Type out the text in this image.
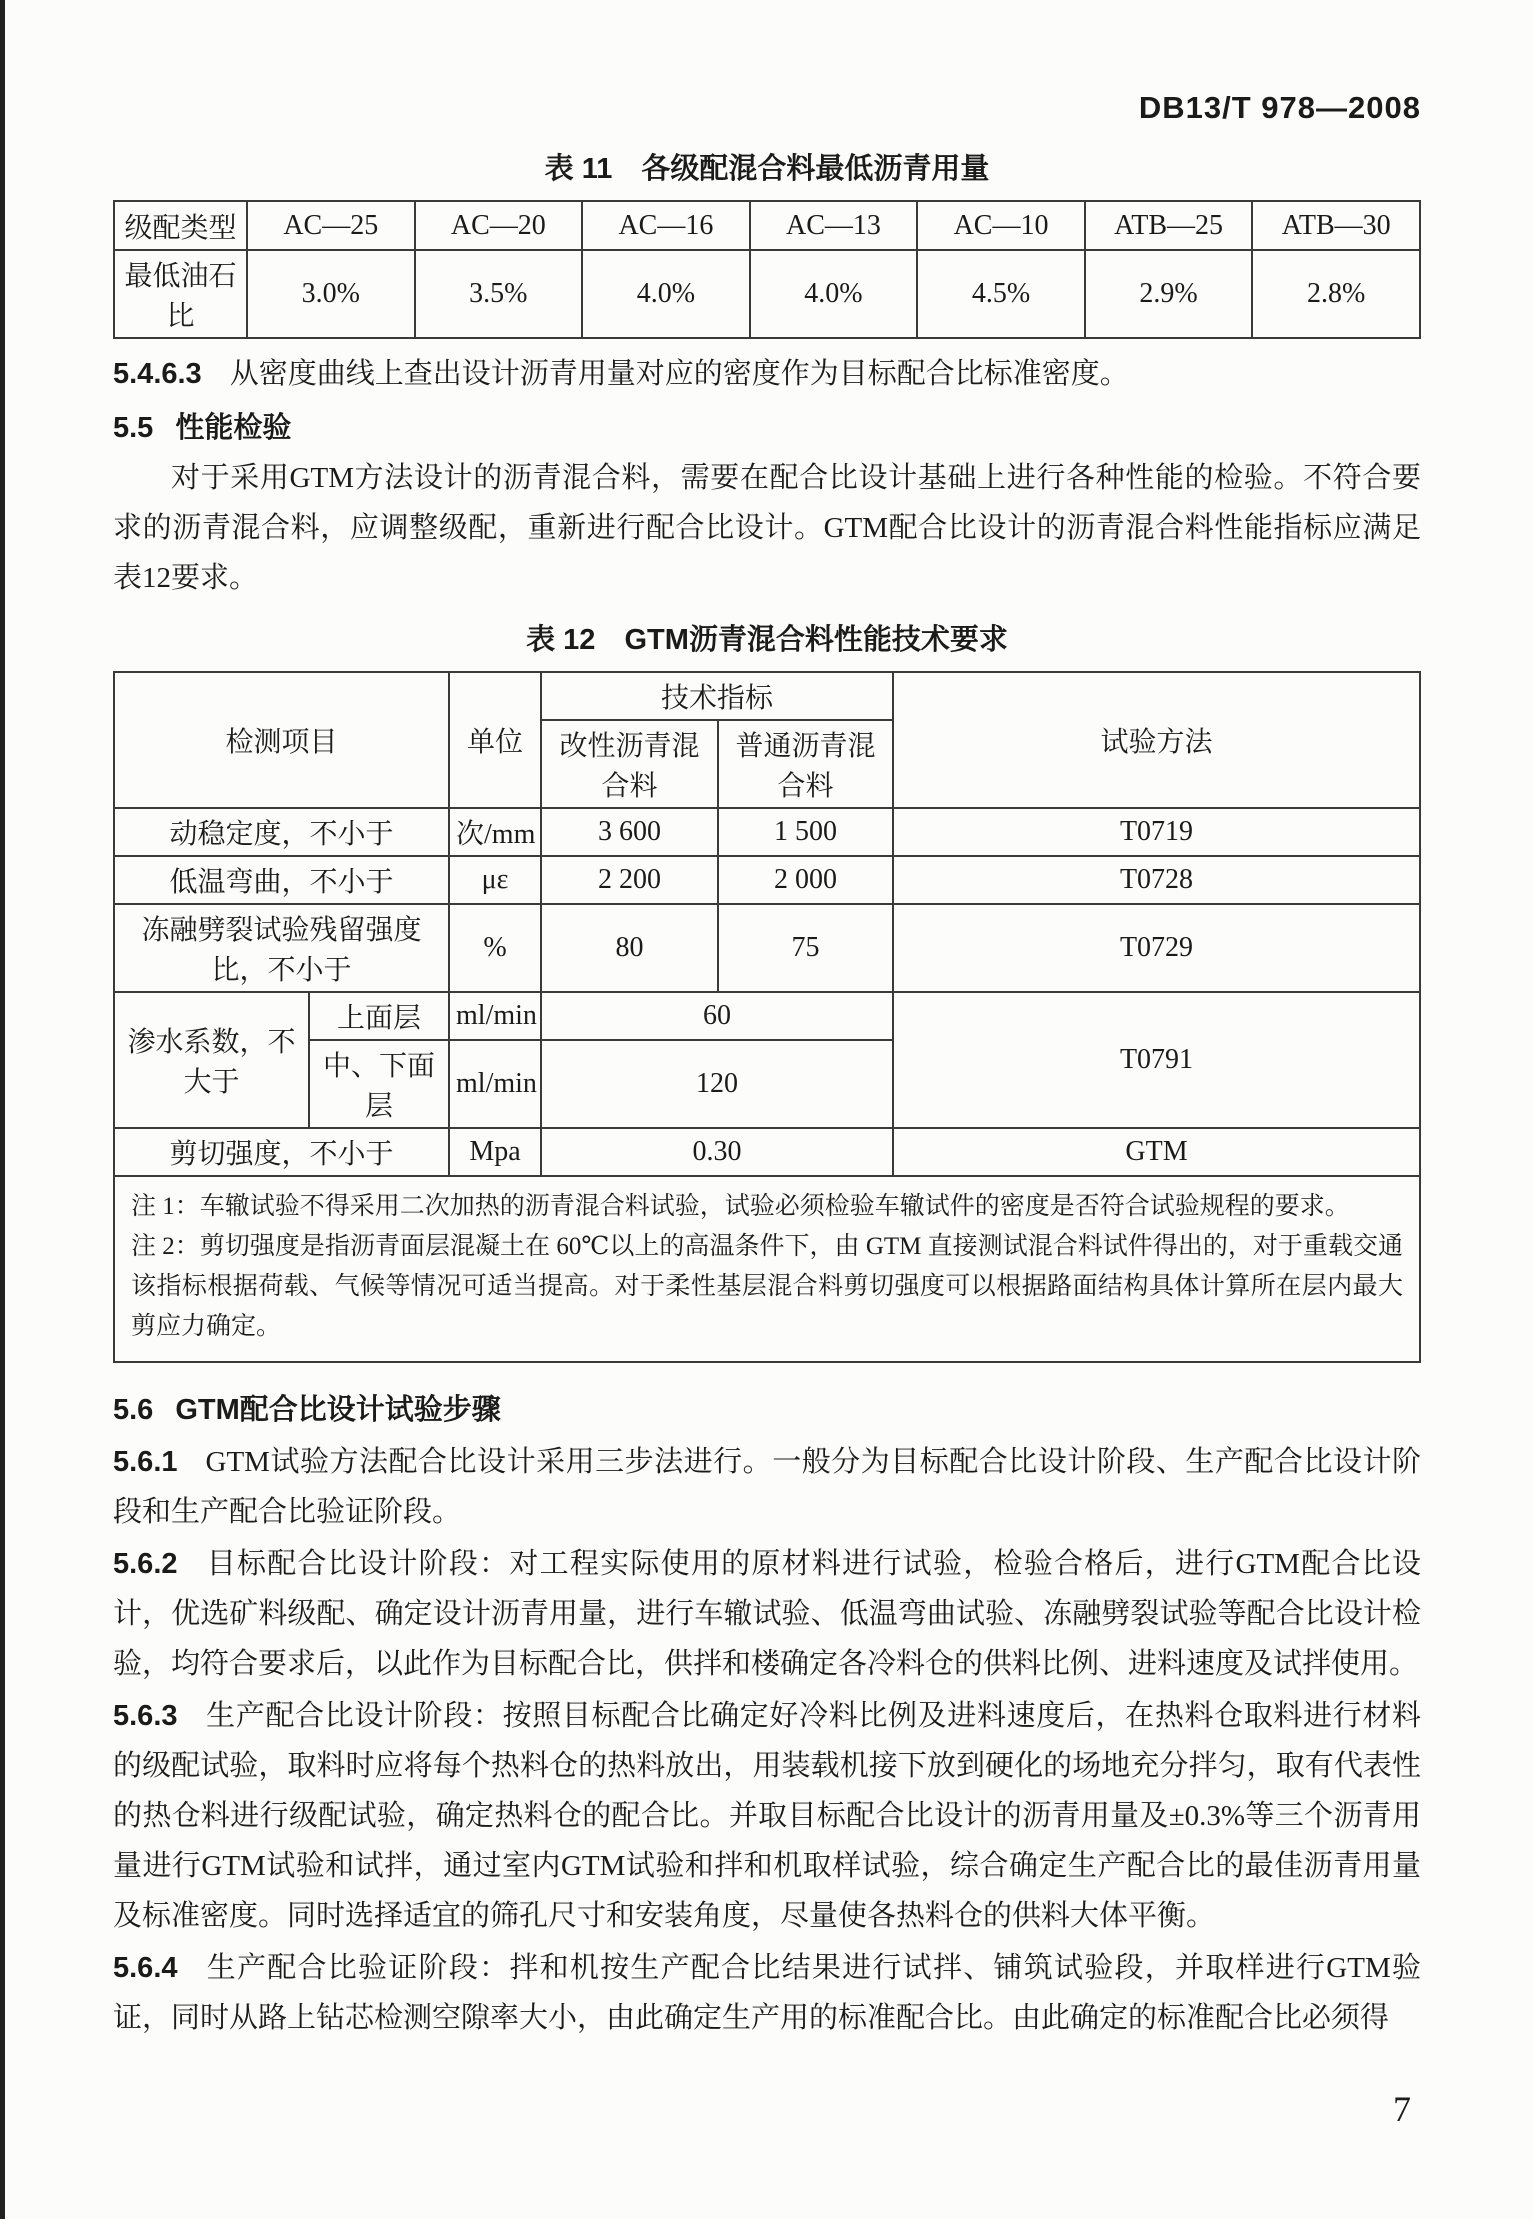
DB13/T 978—2008
表 11　各级配混合料最低沥青用量
级配类型	AC—25	AC—20	AC—16	AC—13	AC—10	ATB—25	ATB—30
最低油石比	3.0%	3.5%	4.0%	4.0%	4.5%	2.9%	2.8%

5.4.6.3 从密度曲线上查出设计沥青用量对应的密度作为目标配合比标准密度。

5.5 性能检验

对于采用GTM方法设计的沥青混合料，需要在配合比设计基础上进行各种性能的检验。不符合要求的沥青混合料，应调整级配，重新进行配合比设计。GTM配合比设计的沥青混合料性能指标应满足表12要求。

表 12　GTM沥青混合料性能技术要求
检测项目		单位	技术指标		试验方法
			改性沥青混合料	普通沥青混合料	
动稳定度，不小于		次/mm	3 600	1 500	T0719
低温弯曲，不小于		με	2 200	2 000	T0728
冻融劈裂试验残留强度比，不小于		%	80	75	T0729
渗水系数，不大于	上面层	ml/min	60		T0791
	中、下面层	ml/min	120		
剪切强度，不小于		Mpa	0.30		GTM

注 1：车辙试验不得采用二次加热的沥青混合料试验，试验必须检验车辙试件的密度是否符合试验规程的要求。
注 2：剪切强度是指沥青面层混凝土在 60℃以上的高温条件下，由 GTM 直接测试混合料试件得出的，对于重载交通该指标根据荷载、气候等情况可适当提高。对于柔性基层混合料剪切强度可以根据路面结构具体计算所在层内最大剪应力确定。					

5.6 GTM配合比设计试验步骤

5.6.1 GTM试验方法配合比设计采用三步法进行。一般分为目标配合比设计阶段、生产配合比设计阶段和生产配合比验证阶段。

5.6.2 目标配合比设计阶段：对工程实际使用的原材料进行试验，检验合格后，进行GTM配合比设计，优选矿料级配、确定设计沥青用量，进行车辙试验、低温弯曲试验、冻融劈裂试验等配合比设计检验，均符合要求后，以此作为目标配合比，供拌和楼确定各冷料仓的供料比例、进料速度及试拌使用。

5.6.3 生产配合比设计阶段：按照目标配合比确定好冷料比例及进料速度后，在热料仓取料进行材料的级配试验，取料时应将每个热料仓的热料放出，用装载机接下放到硬化的场地充分拌匀，取有代表性的热仓料进行级配试验，确定热料仓的配合比。并取目标配合比设计的沥青用量及±0.3%等三个沥青用量进行GTM试验和试拌，通过室内GTM试验和拌和机取样试验，综合确定生产配合比的最佳沥青用量及标准密度。同时选择适宜的筛孔尺寸和安装角度，尽量使各热料仓的供料大体平衡。

5.6.4 生产配合比验证阶段：拌和机按生产配合比结果进行试拌、铺筑试验段，并取样进行GTM验证，同时从路上钻芯检测空隙率大小，由此确定生产用的标准配合比。由此确定的标准配合比必须得

7
